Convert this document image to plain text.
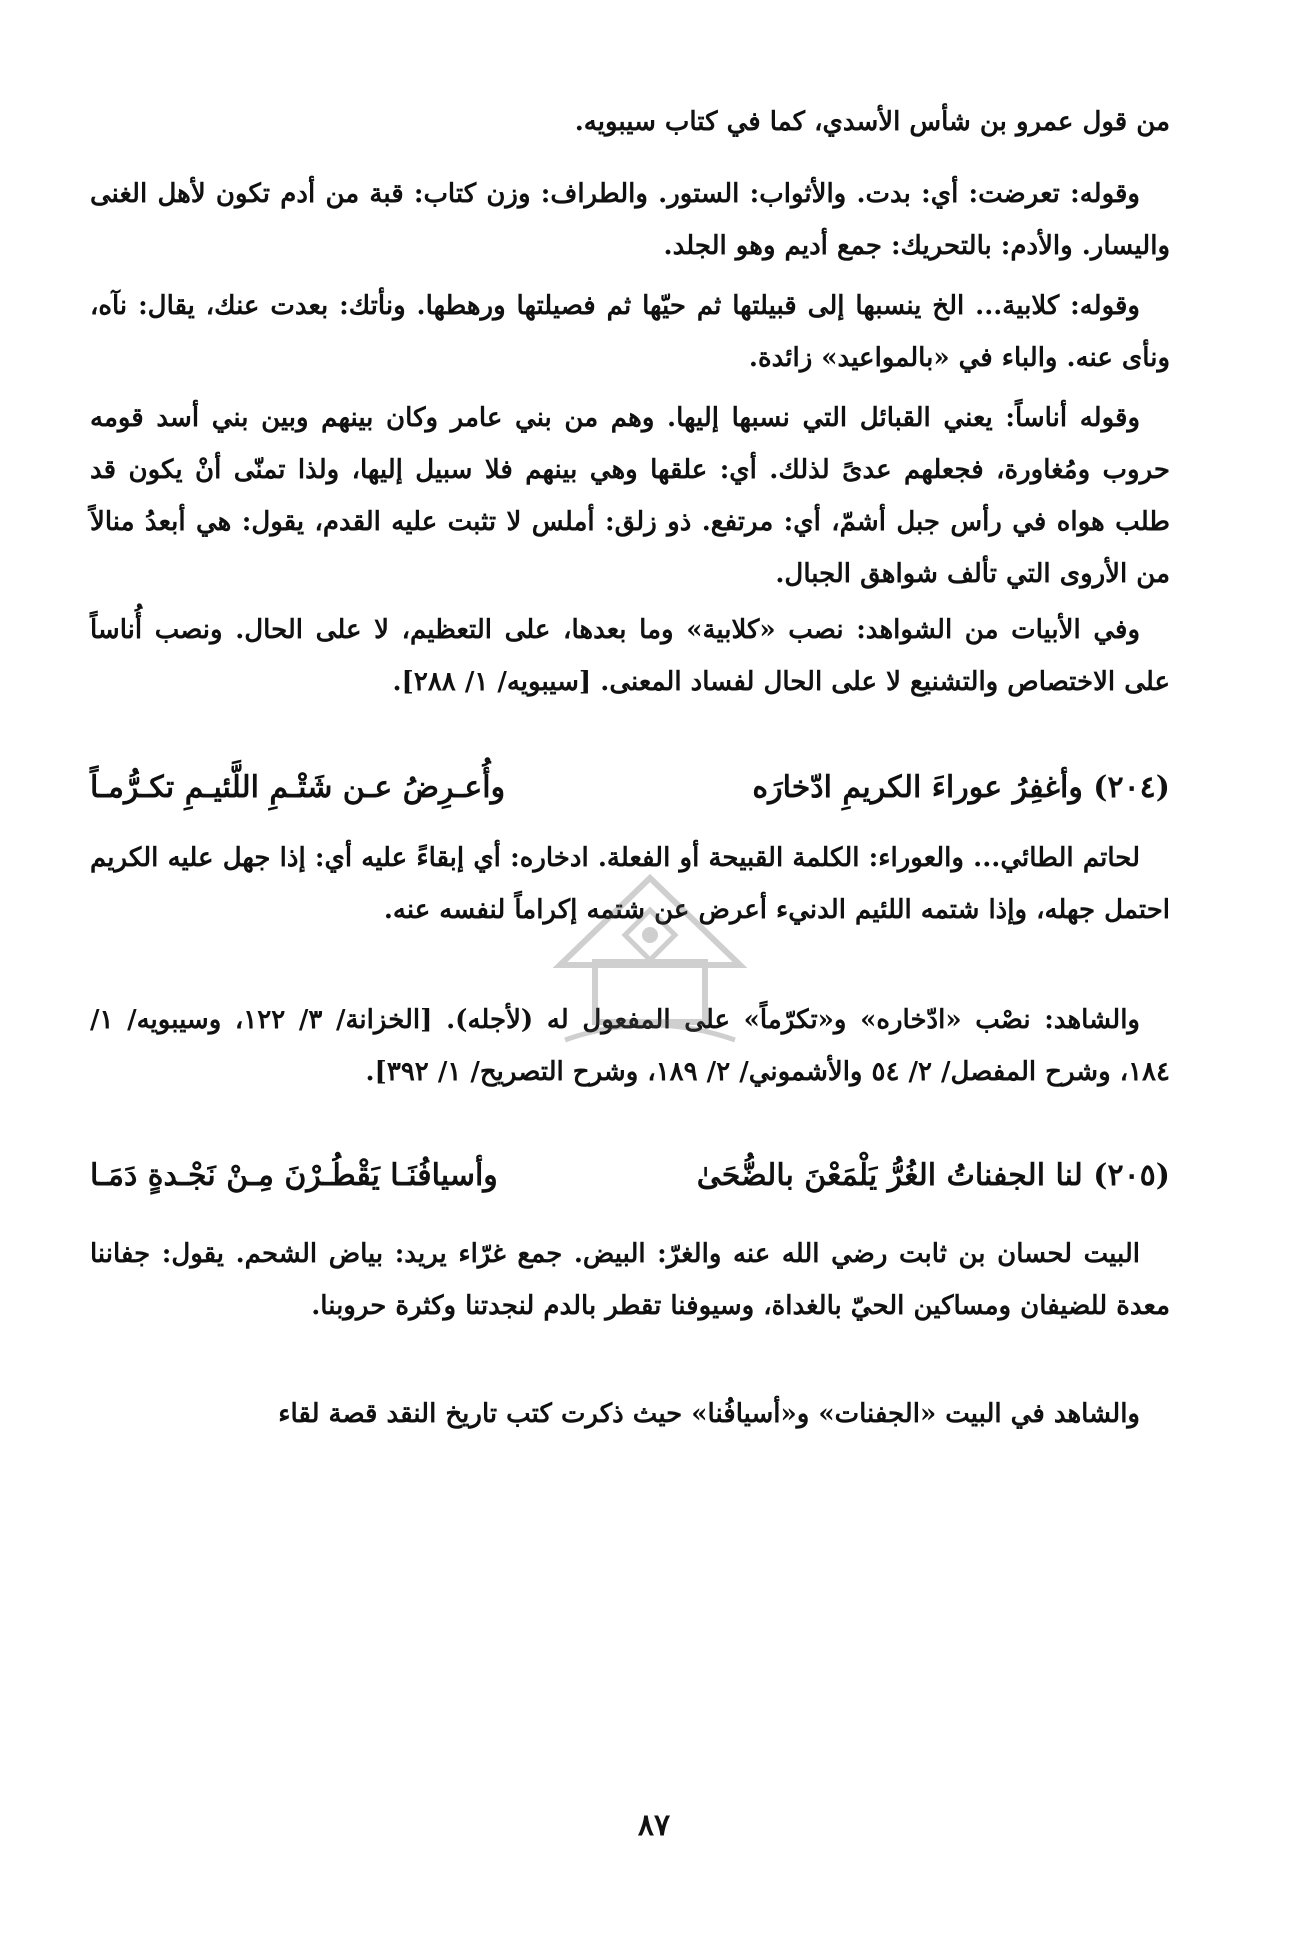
من قول عمرو بن شأس الأسدي، كما في كتاب سيبويه.

وقوله: تعرضت: أي: بدت. والأثواب: الستور. والطراف: وزن كتاب: قبة من أدم تكون لأهل الغنى واليسار. والأدم: بالتحريك: جمع أديم وهو الجلد.

وقوله: كلابية... الخ ينسبها إلى قبيلتها ثم حيّها ثم فصيلتها ورهطها. ونأتك: بعدت عنك، يقال: نآه، ونأى عنه. والباء في «بالمواعيد» زائدة.

وقوله أناساً: يعني القبائل التي نسبها إليها. وهم من بني عامر وكان بينهم وبين بني أسد قومه حروب ومُغاورة، فجعلهم عدىً لذلك. أي: علقها وهي بينهم فلا سبيل إليها، ولذا تمنّى أنْ يكون قد طلب هواه في رأس جبل أشمّ، أي: مرتفع. ذو زلق: أملس لا تثبت عليه القدم، يقول: هي أبعدُ منالاً من الأروى التي تألف شواهق الجبال.

وفي الأبيات من الشواهد: نصب «كلابية» وما بعدها، على التعظيم، لا على الحال. ونصب أُناساً على الاختصاص والتشنيع لا على الحال لفساد المعنى. [سيبويه/ ١/ ٢٨٨].

(٢٠٤) وأغفِرُ عوراءَ الكريمِ ادّخارَه
وأُعـرِضُ عـن شَتْـمِ اللَّئيـمِ تكـرُّمـاً

لحاتم الطائي... والعوراء: الكلمة القبيحة أو الفعلة. ادخاره: أي إبقاءً عليه أي: إذا جهل عليه الكريم احتمل جهله، وإذا شتمه اللئيم الدنيء أعرض عن شتمه إكراماً لنفسه عنه.

والشاهد: نصْب «ادّخاره» و«تكرّماً» على المفعول له (لأجله). [الخزانة/ ٣/ ١٢٢، وسيبويه/ ١/ ١٨٤، وشرح المفصل/ ٢/ ٥٤ والأشموني/ ٢/ ١٨٩، وشرح التصريح/ ١/ ٣٩٢].

(٢٠٥) لنا الجفناتُ الغُرُّ يَلْمَعْنَ بالضُّحَىٰ
وأسيافُنَـا يَقْطُـرْنَ مِـنْ نَجْـدةٍ دَمَـا

البيت لحسان بن ثابت رضي الله عنه والغرّ: البيض. جمع غرّاء يريد: بياض الشحم. يقول: جفاننا معدة للضيفان ومساكين الحيّ بالغداة، وسيوفنا تقطر بالدم لنجدتنا وكثرة حروبنا.

والشاهد في البيت «الجفنات» و«أسيافُنا» حيث ذكرت كتب تاريخ النقد قصة لقاء

٨٧
